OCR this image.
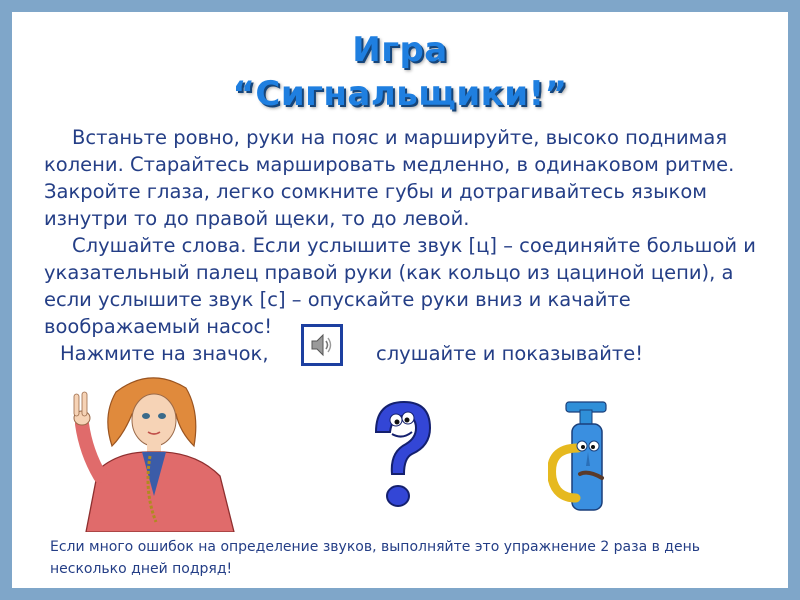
Игра
“Сигнальщики!”

Встаньте ровно, руки на пояс и маршируйте, высоко поднимая колени. Старайтесь маршировать медленно, в одинаковом ритме. Закройте глаза, легко сомкните губы и дотрагивайтесь языком изнутри то до правой щеки, то до левой.

Слушайте слова. Если услышите звук [ц] – соединяйте большой и указательный палец правой руки (как кольцо из цациной цепи), а если услышите звук [с] – опускайте руки вниз и качайте воображаемый насос!

Нажмите на значок,	слушайте и показывайте!

Если много ошибок на определение звуков, выполняйте это упражнение 2 раза в день несколько дней подряд!
